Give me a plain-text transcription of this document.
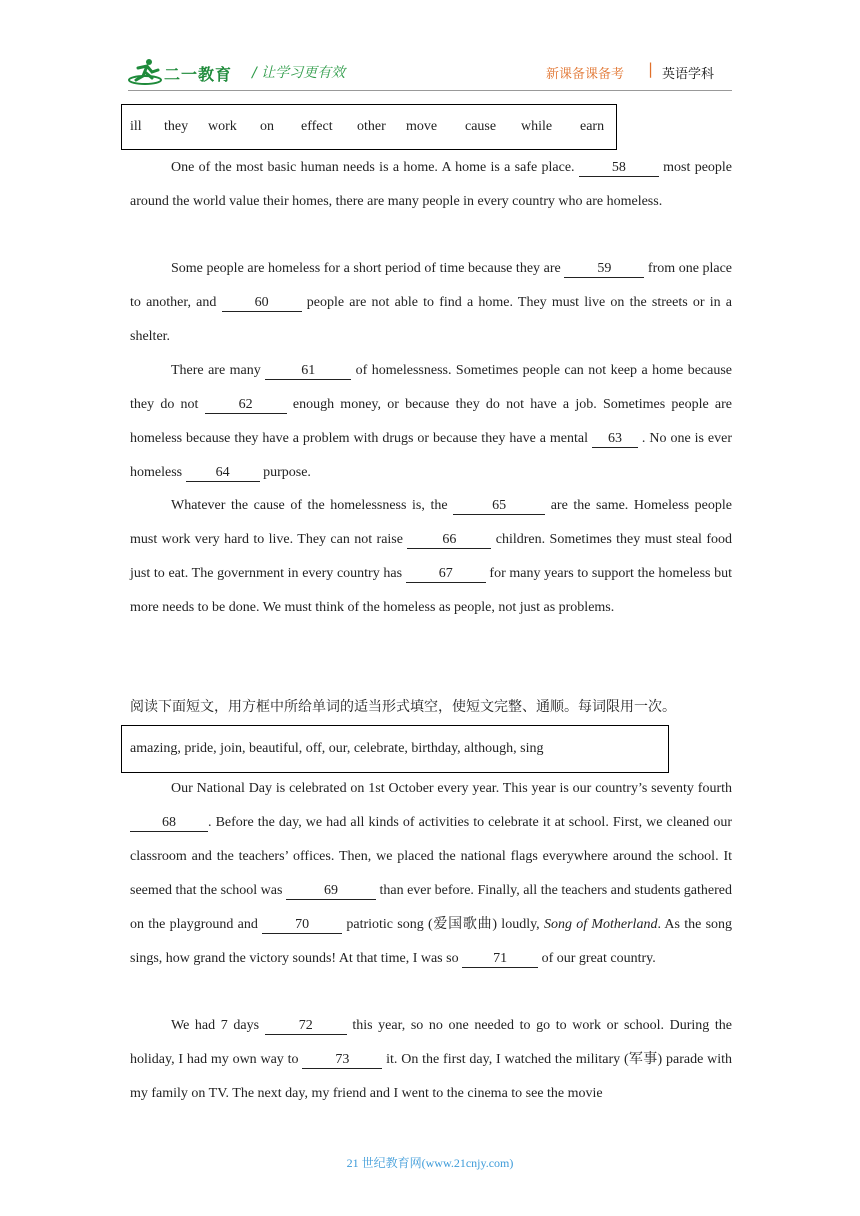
二一教育 / 让学习更有效	新课备课备考 | 英语学科
ill they work on effect other move cause while earn
One of the most basic human needs is a home. A home is a safe place.	58	most people around the world value their homes, there are many people in every country who are homeless.
Some people are homeless for a short period of time because they are	59	from one place to another, and	60	people are not able to find a home. They must live on the streets or in a shelter.
There are many	61	of homelessness. Sometimes people can not keep a home because they do not	62	enough money, or because they do not have a job. Sometimes people are homeless because they have a problem with drugs or because they have a mental 63 . No one is ever homeless 64 purpose.
Whatever the cause of the homelessness is, the	65	are the same. Homeless people must work very hard to live. They can not raise	66	children. Sometimes they must steal food just to eat. The government in every country has	67	for many years to support the homeless but more needs to be done. We must think of the homeless as people, not just as problems.
阅读下面短文，用方框中所给单词的适当形式填空，使短文完整、通顺。每词限用一次。
amazing, pride, join, beautiful, off, our, celebrate, birthday, although, sing
Our National Day is celebrated on 1st October every year. This year is our country’s seventy fourth 68 . Before the day, we had all kinds of activities to celebrate it at school. First, we cleaned our classroom and the teachers’ offices. Then, we placed the national flags everywhere around the school. It seemed that the school was	69	than ever before. Finally, all the teachers and students gathered on the playground and	70	patriotic song (爱国歌曲) loudly, Song of Motherland. As the song sings, how grand the victory sounds! At that time, I was so 71 of our great country.
We had 7 days	72	this year, so no one needed to go to work or school. During the holiday, I had my own way to	73	it. On the first day, I watched the military (军事) parade with my family on TV. The next day, my friend and I went to the cinema to see the movie
21 世纪教育网(www.21cnjy.com)
